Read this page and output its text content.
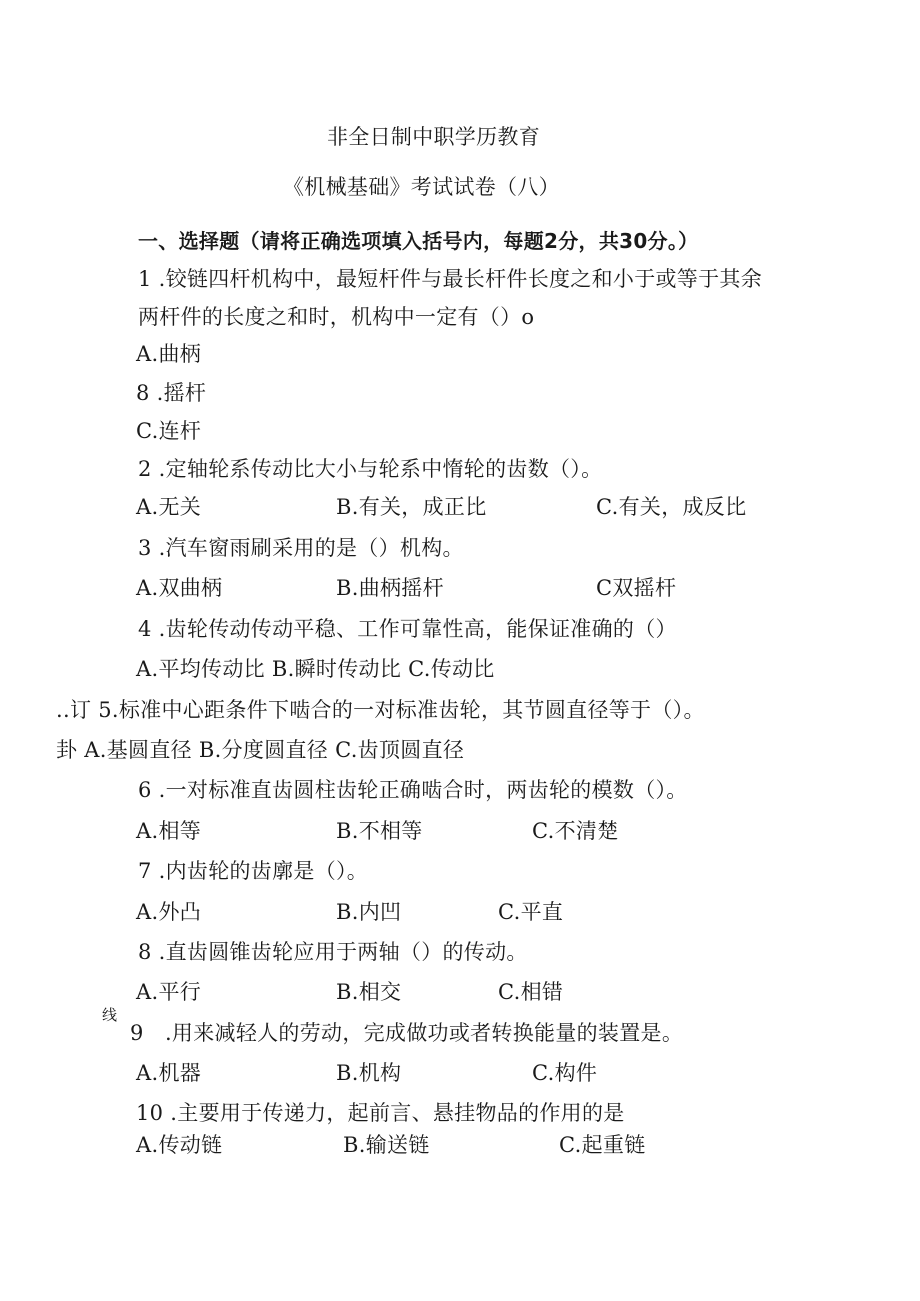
非全日制中职学历教育
《机械基础》考试试卷（八）
一、选择题（请将正确选项填入括号内，每题2分，共30分。）
1 .铰链四杆机构中，最短杆件与最长杆件长度之和小于或等于其余
两杆件的长度之和时，机构中一定有（）o
A.曲柄
8 .摇杆
C.连杆
2 .定轴轮系传动比大小与轮系中惰轮的齿数（）。
A.无关	B.有关，成正比	C.有关，成反比
3 .汽车窗雨刷采用的是（）机构。
A.双曲柄	B.曲柄摇杆	C双摇杆
4 .齿轮传动传动平稳、工作可靠性高，能保证准确的（）
A.平均传动比 B.瞬时传动比 C.传动比
..订 5.标准中心距条件下啮合的一对标准齿轮，其节圆直径等于（）。
卦 A.基圆直径 B.分度圆直径 C.齿顶圆直径
6 .一对标准直齿圆柱齿轮正确啮合时，两齿轮的模数（）。
A.相等	B.不相等	C.不清楚
7 .内齿轮的齿廓是（）。
A.外凸	B.内凹	C.平直
8 .直齿圆锥齿轮应用于两轴（）的传动。
A.平行	B.相交	C.相错
线
9　.用来减轻人的劳动，完成做功或者转换能量的装置是。
A.机器	B.机构	C.构件
10 .主要用于传递力，起前言、悬挂物品的作用的是
A.传动链	B.输送链	C.起重链
